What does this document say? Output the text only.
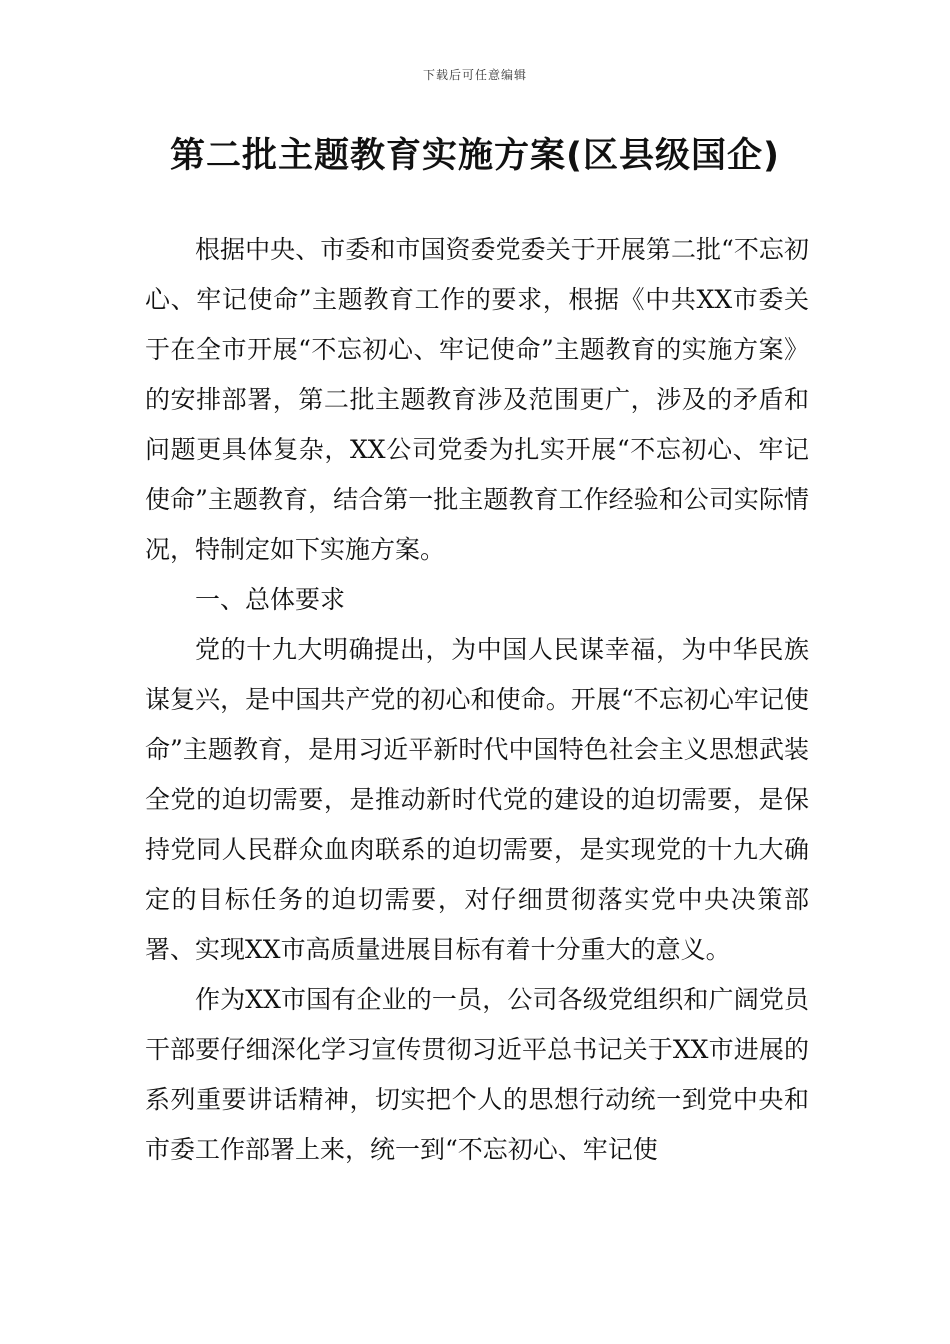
下载后可任意编辑
第二批主题教育实施方案(区县级国企)

根据中央、市委和市国资委党委关于开展第二批“不忘初心、牢记使命”主题教育工作的要求，根据《中共XX市委关于在全市开展“不忘初心、牢记使命”主题教育的实施方案》的安排部署，第二批主题教育涉及范围更广，涉及的矛盾和问题更具体复杂，XX公司党委为扎实开展“不忘初心、牢记使命”主题教育，结合第一批主题教育工作经验和公司实际情况，特制定如下实施方案。

一、总体要求

党的十九大明确提出，为中国人民谋幸福，为中华民族谋复兴，是中国共产党的初心和使命。开展“不忘初心牢记使命”主题教育，是用习近平新时代中国特色社会主义思想武装全党的迫切需要，是推动新时代党的建设的迫切需要，是保持党同人民群众血肉联系的迫切需要，是实现党的十九大确定的目标任务的迫切需要，对仔细贯彻落实党中央决策部署、实现XX市高质量进展目标有着十分重大的意义。

作为XX市国有企业的一员，公司各级党组织和广阔党员干部要仔细深化学习宣传贯彻习近平总书记关于XX市进展的系列重要讲话精神，切实把个人的思想行动统一到党中央和市委工作部署上来，统一到“不忘初心、牢记使
